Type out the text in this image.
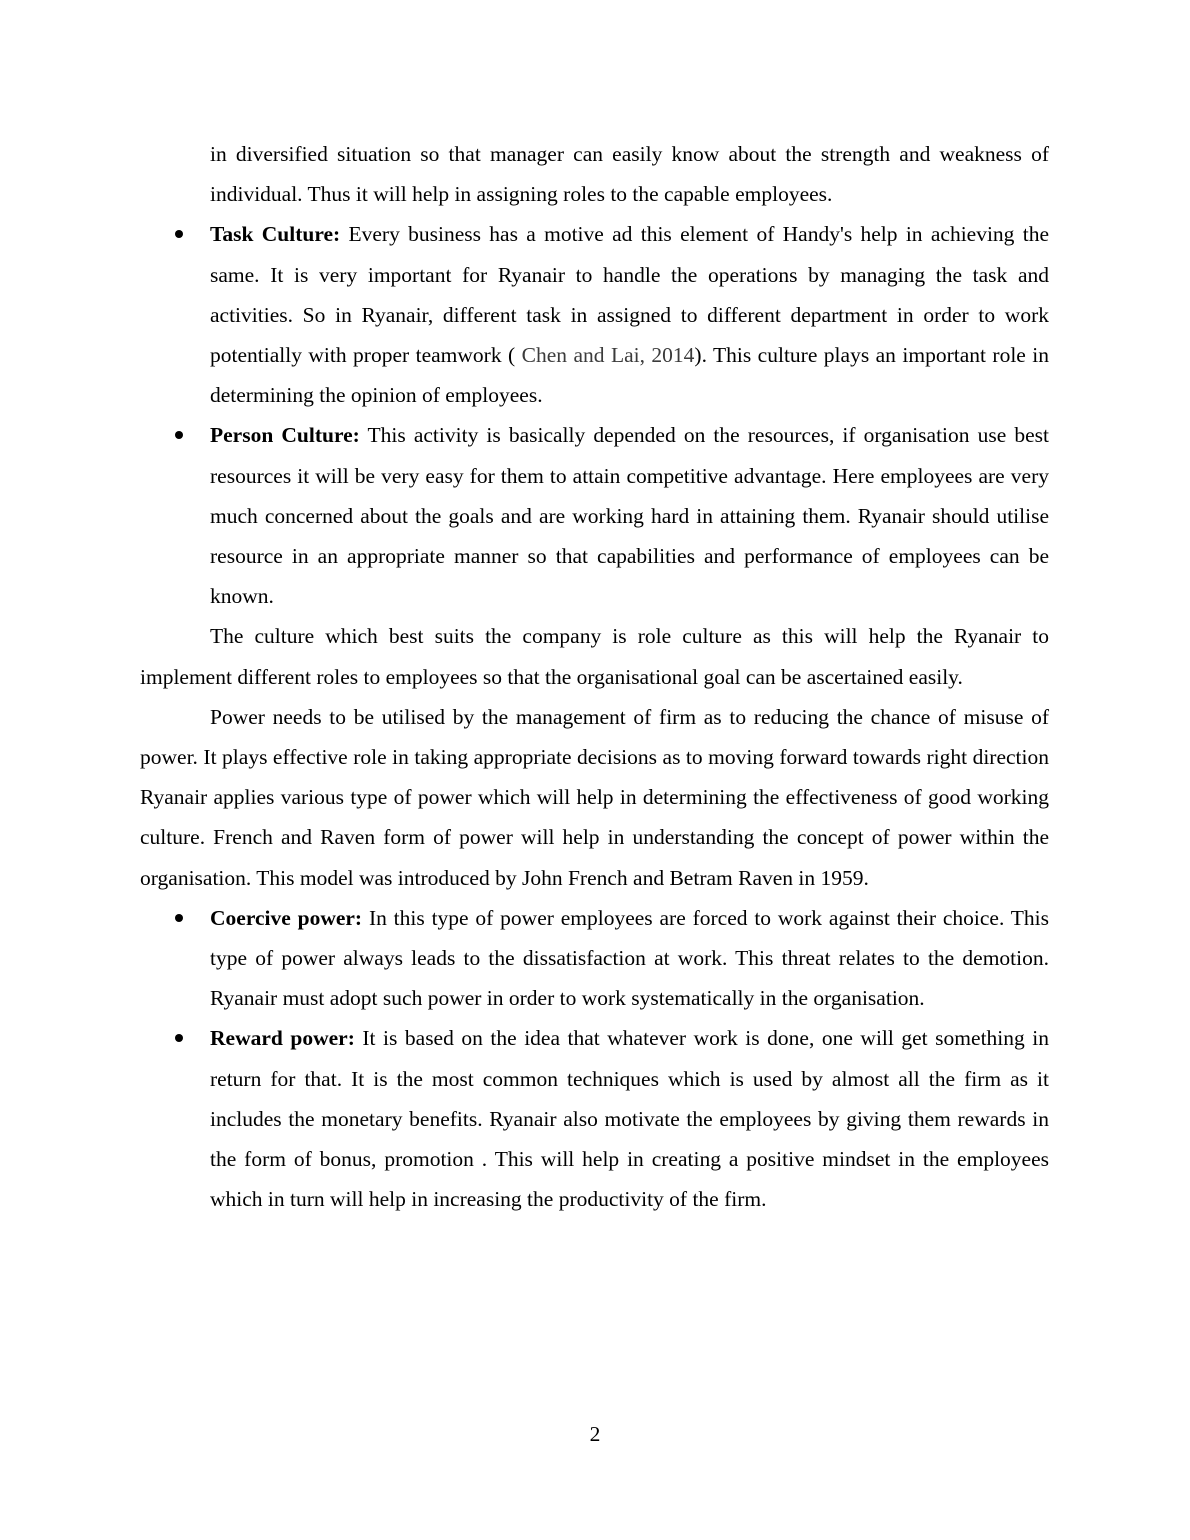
in diversified situation so that manager can easily know about the strength and weakness of individual. Thus it will help in assigning roles to the capable employees.

Task Culture: Every business has a motive ad this element of Handy's help in achieving the same. It is very important for Ryanair to handle the operations by managing the task and activities. So in Ryanair, different task in assigned to different department in order to work potentially with proper teamwork ( Chen and Lai, 2014). This culture plays an important role in determining the opinion of employees.

Person Culture: This activity is basically depended on the resources, if organisation use best resources it will be very easy for them to attain competitive advantage. Here employees are very much concerned about the goals and are working hard in attaining them. Ryanair should utilise resource in an appropriate manner so that capabilities and performance of employees can be known.

The culture which best suits the company is role culture as this will help the Ryanair to implement different roles to employees so that the organisational goal can be ascertained easily.

Power needs to be utilised by the management of firm as to reducing the chance of misuse of power. It plays effective role in taking appropriate decisions as to moving forward towards right direction Ryanair applies various type of power which will help in determining the effectiveness of good working culture. French and Raven form of power will help in understanding the concept of power within the organisation. This model was introduced by John French and Betram Raven in 1959.

Coercive power: In this type of power employees are forced to work against their choice. This type of power always leads to the dissatisfaction at work. This threat relates to the demotion. Ryanair must adopt such power in order to work systematically in the organisation.

Reward power: It is based on the idea that whatever work is done, one will get something in return for that. It is the most common techniques which is used by almost all the firm as it includes the monetary benefits. Ryanair also motivate the employees by giving them rewards in the form of bonus, promotion . This will help in creating a positive mindset in the employees which in turn will help in increasing the productivity of the firm.

2
